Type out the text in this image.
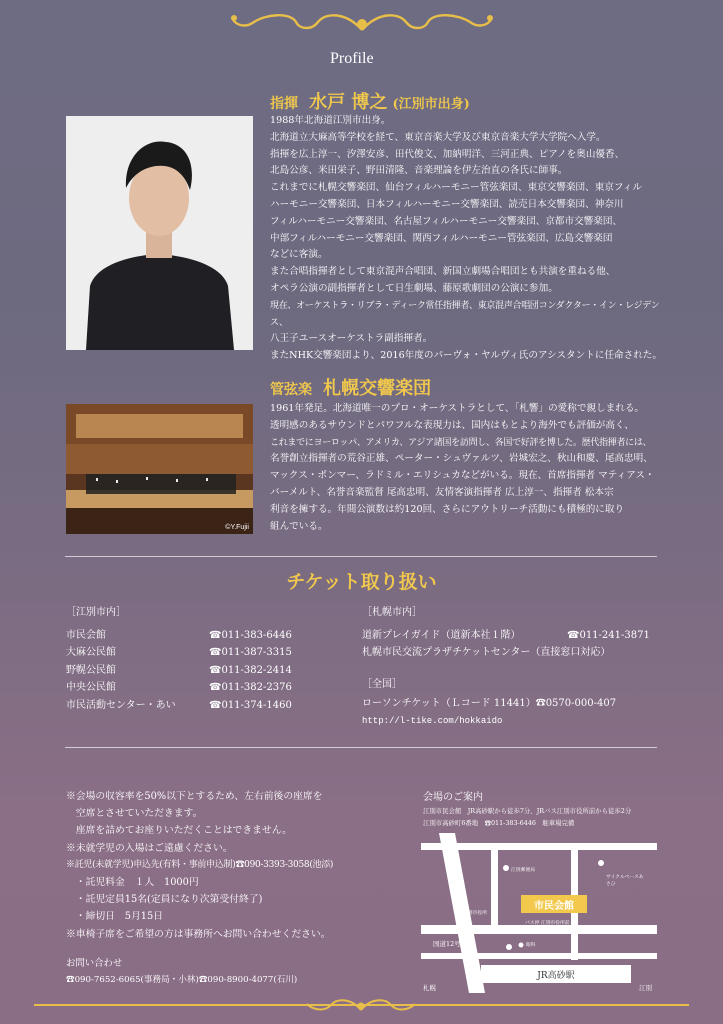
Profile
指揮 水戸 博之 (江別市出身)
1988年北海道江別市出身。
北海道立大麻高等学校を経て、東京音楽大学及び東京音楽大学大学院へ入学。
指揮を広上淳一、汐澤安彦、田代俊文、加納明洋、三河正典、ピアノを奥山優香、
北島公彦、米田栄子、野田清隆、音楽理論を伊左治直の各氏に師事。
これまでに札幌交響楽団、仙台フィルハーモニー管弦楽団、東京交響楽団、東京フィル
ハーモニー交響楽団、日本フィルハーモニー交響楽団、読売日本交響楽団、神奈川
フィルハーモニー交響楽団、名古屋フィルハーモニー交響楽団、京都市交響楽団、
中部フィルハーモニー交響楽団、関西フィルハーモニー管弦楽団、広島交響楽団
などに客演。
また合唱指揮者として東京混声合唱団、新国立劇場合唱団とも共演を重ねる他、
オペラ公演の副指揮者として日生劇場、藤原歌劇団の公演に参加。
現在、オーケストラ・リブラ・ディーク常任指揮者、東京混声合唱団コンダクター・イン・レジデンス、
八王子ユースオーケストラ副指揮者。
またNHK交響楽団より、2016年度のパーヴォ・ヤルヴィ氏のアシスタントに任命された。
管弦楽 札幌交響楽団
©Y.Fujii
1961年発足。北海道唯一のプロ・オーケストラとして、「札響」の愛称で親しまれる。
透明感のあるサウンドとパワフルな表現力は、国内はもとより海外でも評価が高く、
これまでにヨーロッパ、アメリカ、アジア諸国を訪問し、各国で好評を博した。歴代指揮者には、
名誉創立指揮者の荒谷正雄、ペーター・シュヴァルツ、岩城宏之、秋山和慶、尾高忠明、
マックス・ポンマー、ラドミル・エリシュカなどがいる。現在、首席指揮者 マティアス・
バーメルト、名誉音楽監督 尾高忠明、友情客演指揮者 広上淳一、指揮者 松本宗
利音を擁する。年間公演数は約120回、さらにアウトリーチ活動にも積極的に取り
組んでいる。
チケット取り扱い
［江別市内］
市民会館	☎011-383-6446
大麻公民館	☎011-387-3315
野幌公民館	☎011-382-2414
中央公民館	☎011-382-2376
市民活動センター・あい	☎011-374-1460
［札幌市内］
道新プレイガイド（道新本社１階）	☎011-241-3871
札幌市民交流プラザチケットセンター（直接窓口対応）
［全国］
ローソンチケット（Ｌコード 11441）☎0570-000-407
http://l-tike.com/hokkaido
※会場の収容率を50%以下とするため、左右前後の座席を
　空席とさせていただきます。
　座席を詰めてお座りいただくことはできません。
※未就学児の入場はご遠慮ください。
※託児(未就学児)申込先(有料・事前申込制)☎090-3393-3058(池添)
　・託児料金　１人　1000円
　・託児定員15名(定員になり次第受付終了)
　・締切日　5月15日
※車椅子席をご希望の方は事務所へお問い合わせください。
お問い合わせ
☎090-7652-6065(事務局・小林)☎090-8900-4077(石川)
会場のご案内
江別市民会館　JR高砂駅から徒歩7分、JRバス江別市役所前から徒歩2分
江別市高砂町6番地　☎011-383-6446　駐車場完備
市民会館
国道12号線
JR高砂駅
札幌	江別
江別郵便局
江別市役所
サイクルベースあさひ
バス停 江別市役所前
眼科
